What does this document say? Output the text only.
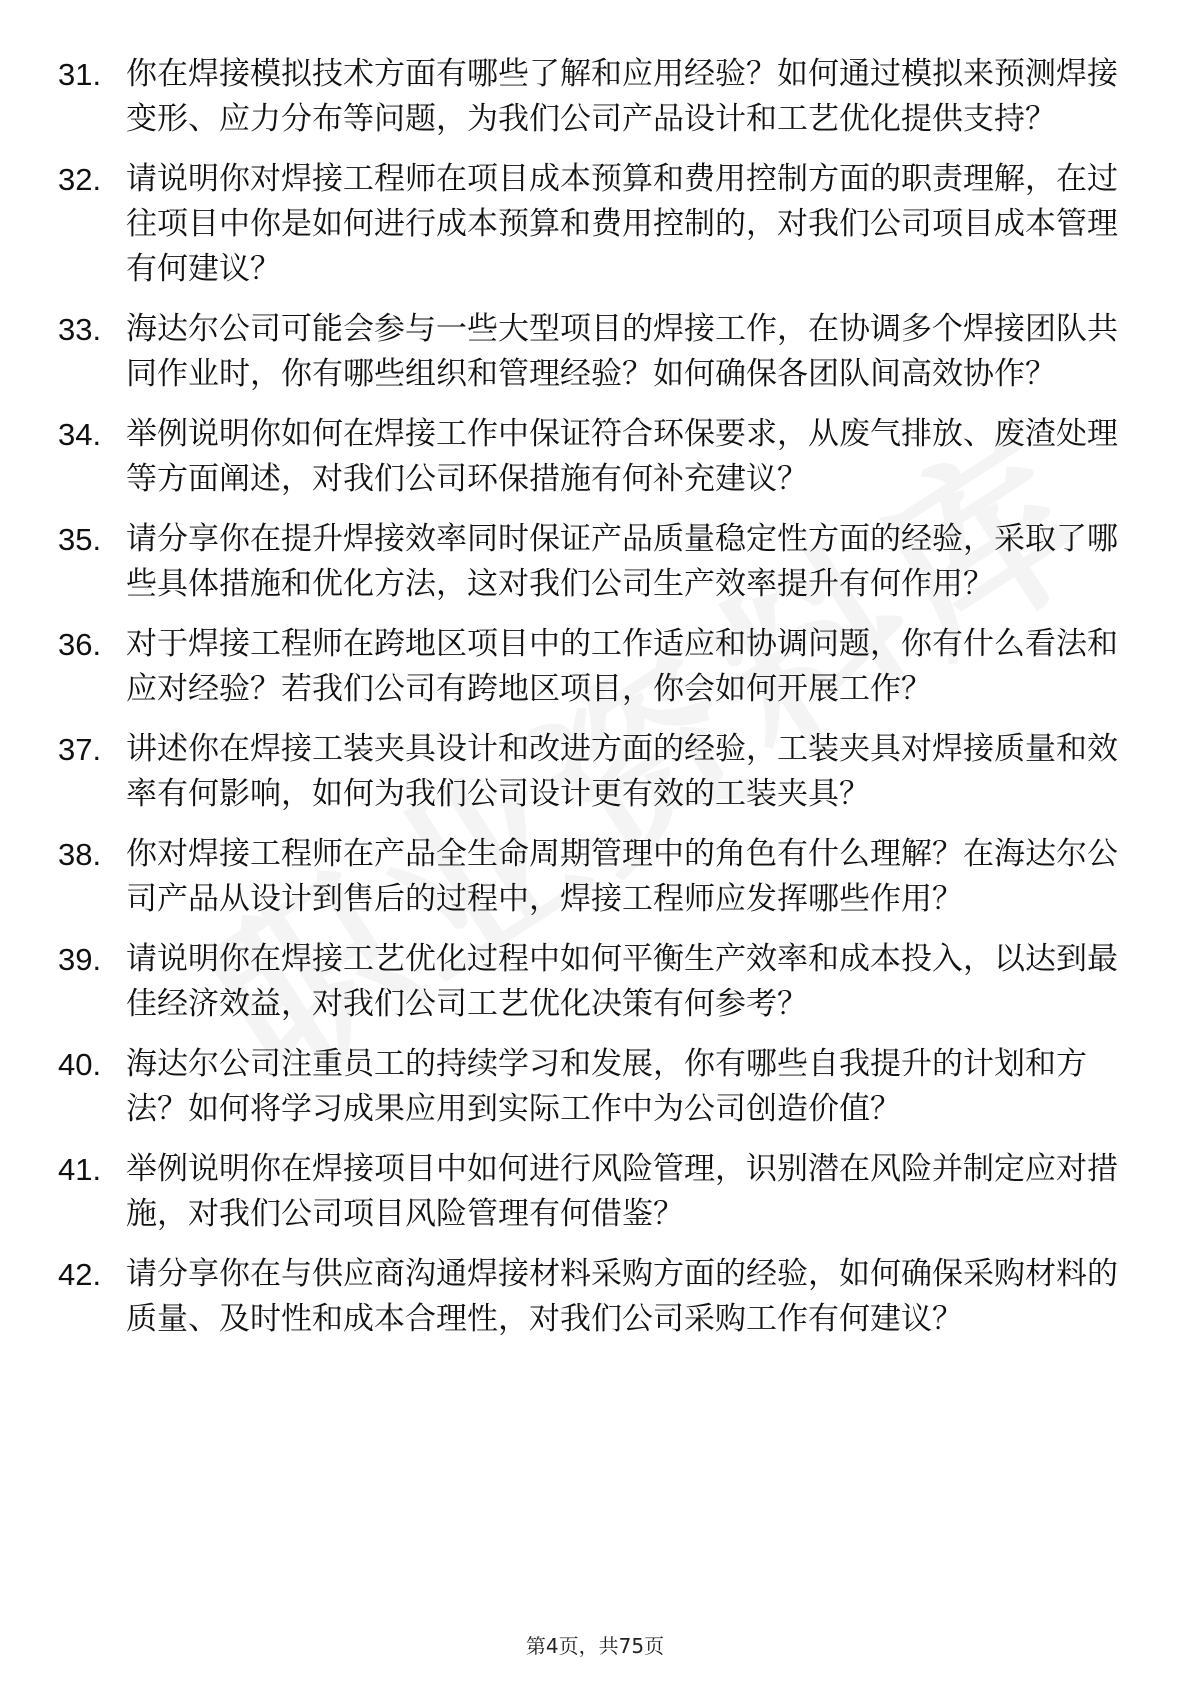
31. 你在焊接模拟技术方面有哪些了解和应用经验？如何通过模拟来预测焊接变形、应力分布等问题，为我们公司产品设计和工艺优化提供支持？
32. 请说明你对焊接工程师在项目成本预算和费用控制方面的职责理解，在过往项目中你是如何进行成本预算和费用控制的，对我们公司项目成本管理有何建议？
33. 海达尔公司可能会参与一些大型项目的焊接工作，在协调多个焊接团队共同作业时，你有哪些组织和管理经验？如何确保各团队间高效协作？
34. 举例说明你如何在焊接工作中保证符合环保要求，从废气排放、废渣处理等方面阐述，对我们公司环保措施有何补充建议？
35. 请分享你在提升焊接效率同时保证产品质量稳定性方面的经验，采取了哪些具体措施和优化方法，这对我们公司生产效率提升有何作用？
36. 对于焊接工程师在跨地区项目中的工作适应和协调问题，你有什么看法和应对经验？若我们公司有跨地区项目，你会如何开展工作？
37. 讲述你在焊接工装夹具设计和改进方面的经验，工装夹具对焊接质量和效率有何影响，如何为我们公司设计更有效的工装夹具？
38. 你对焊接工程师在产品全生命周期管理中的角色有什么理解？在海达尔公司产品从设计到售后的过程中，焊接工程师应发挥哪些作用？
39. 请说明你在焊接工艺优化过程中如何平衡生产效率和成本投入，以达到最佳经济效益，对我们公司工艺优化决策有何参考？
40. 海达尔公司注重员工的持续学习和发展，你有哪些自我提升的计划和方法？如何将学习成果应用到实际工作中为公司创造价值？
41. 举例说明你在焊接项目中如何进行风险管理，识别潜在风险并制定应对措施，对我们公司项目风险管理有何借鉴？
42. 请分享你在与供应商沟通焊接材料采购方面的经验，如何确保采购材料的质量、及时性和成本合理性，对我们公司采购工作有何建议？
第4页，共75页
